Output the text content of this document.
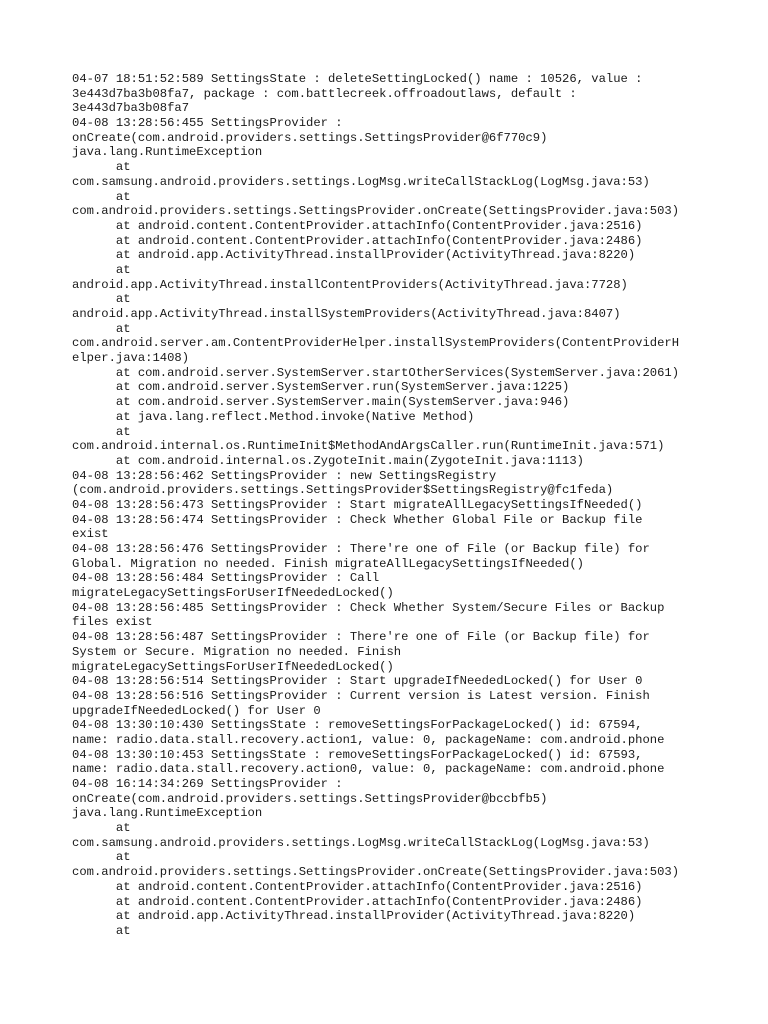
04-07 18:51:52:589 SettingsState : deleteSettingLocked() name : 10526, value :
3e443d7ba3b08fa7, package : com.battlecreek.offroadoutlaws, default :
3e443d7ba3b08fa7
04-08 13:28:56:455 SettingsProvider :
onCreate(com.android.providers.settings.SettingsProvider@6f770c9)
java.lang.RuntimeException
at
com.samsung.android.providers.settings.LogMsg.writeCallStackLog(LogMsg.java:53)
at
com.android.providers.settings.SettingsProvider.onCreate(SettingsProvider.java:503)
at android.content.ContentProvider.attachInfo(ContentProvider.java:2516)
at android.content.ContentProvider.attachInfo(ContentProvider.java:2486)
at android.app.ActivityThread.installProvider(ActivityThread.java:8220)
at
android.app.ActivityThread.installContentProviders(ActivityThread.java:7728)
at
android.app.ActivityThread.installSystemProviders(ActivityThread.java:8407)
at
com.android.server.am.ContentProviderHelper.installSystemProviders(ContentProviderH
elper.java:1408)
at com.android.server.SystemServer.startOtherServices(SystemServer.java:2061)
at com.android.server.SystemServer.run(SystemServer.java:1225)
at com.android.server.SystemServer.main(SystemServer.java:946)
at java.lang.reflect.Method.invoke(Native Method)
at
com.android.internal.os.RuntimeInit$MethodAndArgsCaller.run(RuntimeInit.java:571)
at com.android.internal.os.ZygoteInit.main(ZygoteInit.java:1113)
04-08 13:28:56:462 SettingsProvider : new SettingsRegistry
(com.android.providers.settings.SettingsProvider$SettingsRegistry@fc1feda)
04-08 13:28:56:473 SettingsProvider : Start migrateAllLegacySettingsIfNeeded()
04-08 13:28:56:474 SettingsProvider : Check Whether Global File or Backup file
exist
04-08 13:28:56:476 SettingsProvider : There're one of File (or Backup file) for
Global. Migration no needed. Finish migrateAllLegacySettingsIfNeeded()
04-08 13:28:56:484 SettingsProvider : Call
migrateLegacySettingsForUserIfNeededLocked()
04-08 13:28:56:485 SettingsProvider : Check Whether System/Secure Files or Backup
files exist
04-08 13:28:56:487 SettingsProvider : There're one of File (or Backup file) for
System or Secure. Migration no needed. Finish
migrateLegacySettingsForUserIfNeededLocked()
04-08 13:28:56:514 SettingsProvider : Start upgradeIfNeededLocked() for User 0
04-08 13:28:56:516 SettingsProvider : Current version is Latest version. Finish
upgradeIfNeededLocked() for User 0
04-08 13:30:10:430 SettingsState : removeSettingsForPackageLocked() id: 67594,
name: radio.data.stall.recovery.action1, value: 0, packageName: com.android.phone
04-08 13:30:10:453 SettingsState : removeSettingsForPackageLocked() id: 67593,
name: radio.data.stall.recovery.action0, value: 0, packageName: com.android.phone
04-08 16:14:34:269 SettingsProvider :
onCreate(com.android.providers.settings.SettingsProvider@bccbfb5)
java.lang.RuntimeException
at
com.samsung.android.providers.settings.LogMsg.writeCallStackLog(LogMsg.java:53)
at
com.android.providers.settings.SettingsProvider.onCreate(SettingsProvider.java:503)
at android.content.ContentProvider.attachInfo(ContentProvider.java:2516)
at android.content.ContentProvider.attachInfo(ContentProvider.java:2486)
at android.app.ActivityThread.installProvider(ActivityThread.java:8220)
at
